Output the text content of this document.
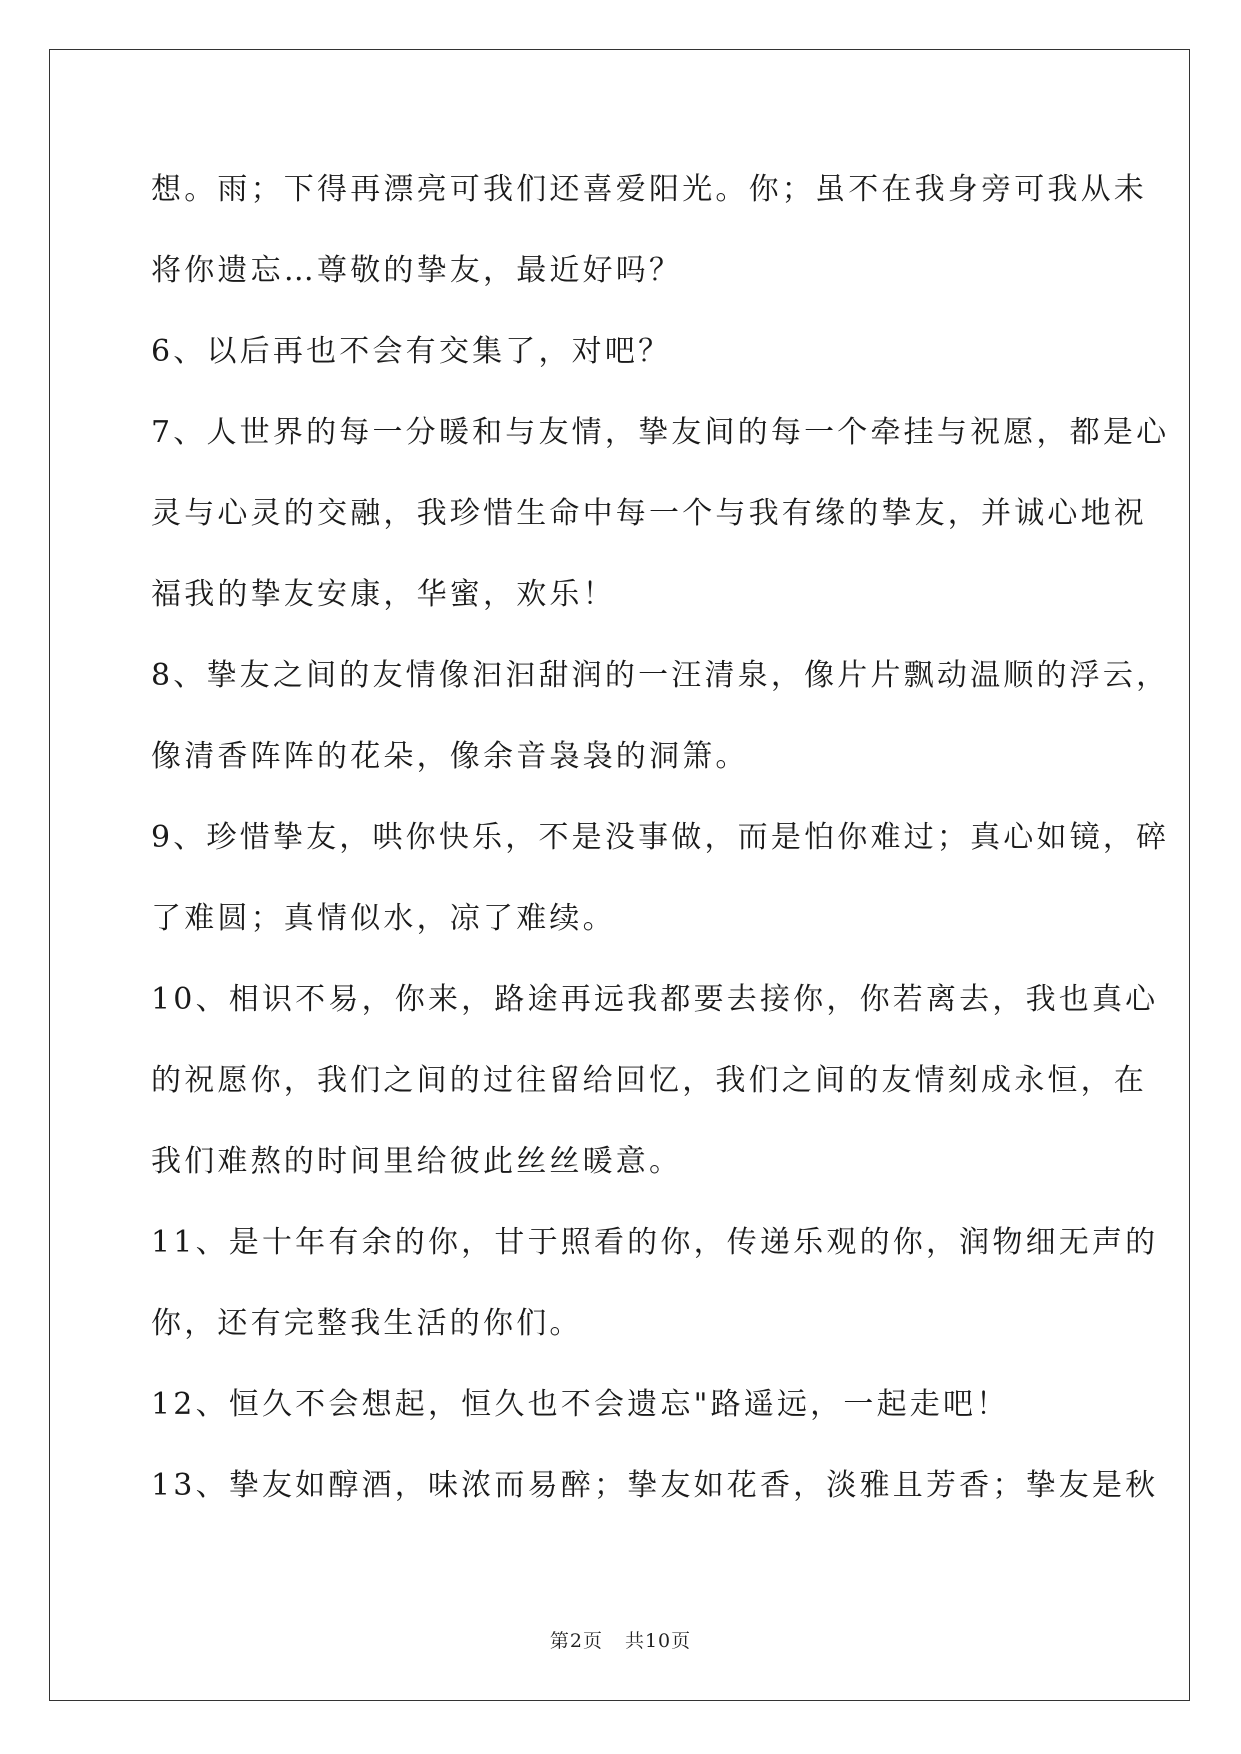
想。雨；下得再漂亮可我们还喜爱阳光。你；虽不在我身旁可我从未

将你遗忘…尊敬的挚友，最近好吗？

6、以后再也不会有交集了，对吧？

7、人世界的每一分暖和与友情，挚友间的每一个牵挂与祝愿，都是心

灵与心灵的交融，我珍惜生命中每一个与我有缘的挚友，并诚心地祝

福我的挚友安康，华蜜，欢乐！

8、挚友之间的友情像汩汩甜润的一汪清泉，像片片飘动温顺的浮云，

像清香阵阵的花朵，像余音袅袅的洞箫。

9、珍惜挚友，哄你快乐，不是没事做，而是怕你难过；真心如镜，碎

了难圆；真情似水，凉了难续。

10、相识不易，你来，路途再远我都要去接你，你若离去，我也真心

的祝愿你，我们之间的过往留给回忆，我们之间的友情刻成永恒，在

我们难熬的时间里给彼此丝丝暖意。

11、是十年有余的你，甘于照看的你，传递乐观的你，润物细无声的

你，还有完整我生活的你们。

12、恒久不会想起，恒久也不会遗忘"路遥远，一起走吧！

13、挚友如醇酒，味浓而易醉；挚友如花香，淡雅且芳香；挚友是秋

第2页 共10页
